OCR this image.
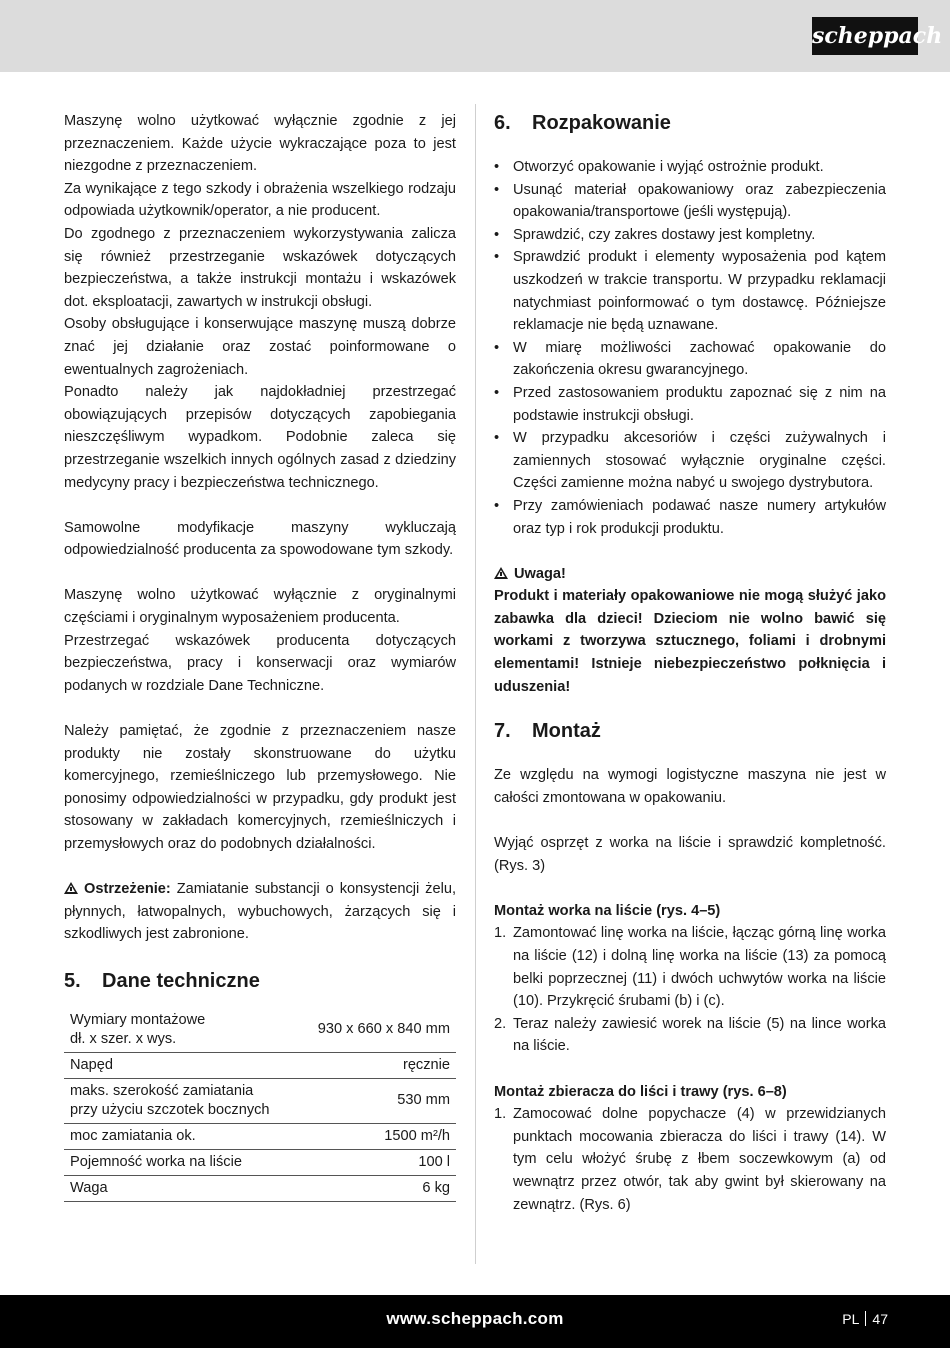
scheppach

Maszynę wolno użytkować wyłącznie zgodnie z jej przeznaczeniem. Każde użycie wykraczające poza to jest niezgodne z przeznaczeniem.

Za wynikające z tego szkody i obrażenia wszelkiego rodzaju odpowiada użytkownik/operator, a nie producent.

Do zgodnego z przeznaczeniem wykorzystywania zalicza się również przestrzeganie wskazówek dotyczących bezpieczeństwa, a także instrukcji montażu i wskazówek dot. eksploatacji, zawartych w instrukcji obsługi.

Osoby obsługujące i konserwujące maszynę muszą dobrze znać jej działanie oraz zostać poinformowane o ewentualnych zagrożeniach.

Ponadto należy jak najdokładniej przestrzegać obowiązujących przepisów dotyczących zapobiegania nieszczęśliwym wypadkom. Podobnie zaleca się przestrzeganie wszelkich innych ogólnych zasad z dziedziny medycyny pracy i bezpieczeństwa technicznego.

Samowolne modyfikacje maszyny wykluczają odpowiedzialność producenta za spowodowane tym szkody.

Maszynę wolno użytkować wyłącznie z oryginalnymi częściami i oryginalnym wyposażeniem producenta.

Przestrzegać wskazówek producenta dotyczących bezpieczeństwa, pracy i konserwacji oraz wymiarów podanych w rozdziale Dane Techniczne.

Należy pamiętać, że zgodnie z przeznaczeniem nasze produkty nie zostały skonstruowane do użytku komercyjnego, rzemieślniczego lub przemysłowego. Nie ponosimy odpowiedzialności w przypadku, gdy produkt jest stosowany w zakładach komercyjnych, rzemieślniczych i przemysłowych oraz do podobnych działalności.

Ostrzeżenie: Zamiatanie substancji o konsystencji żelu, płynnych, łatwopalnych, wybuchowych, żarzących się i szkodliwych jest zabronione.

5.	Dane techniczne
Wymiary montażowe
dł. x szer. x wys.	930 x 660 x 840 mm
Napęd	ręcznie
maks. szerokość zamiatania
przy użyciu szczotek bocznych	530 mm
moc zamiatania ok.	1500 m²/h
Pojemność worka na liście	100 l
Waga	6 kg
6.	Rozpakowanie
• Otworzyć opakowanie i wyjąć ostrożnie produkt.
• Usunąć materiał opakowaniowy oraz zabezpieczenia opakowania/transportowe (jeśli występują).
• Sprawdzić, czy zakres dostawy jest kompletny.
• Sprawdzić produkt i elementy wyposażenia pod kątem uszkodzeń w trakcie transportu. W przypadku reklamacji natychmiast poinformować o tym dostawcę. Późniejsze reklamacje nie będą uznawane.
• W miarę możliwości zachować opakowanie do zakończenia okresu gwarancyjnego.
• Przed zastosowaniem produktu zapoznać się z nim na podstawie instrukcji obsługi.
• W przypadku akcesoriów i części zużywalnych i zamiennych stosować wyłącznie oryginalne części. Części zamienne można nabyć u swojego dystrybutora.
• Przy zamówieniach podawać nasze numery artykułów oraz typ i rok produkcji produktu.

Uwaga!

Produkt i materiały opakowaniowe nie mogą służyć jako zabawka dla dzieci! Dzieciom nie wolno bawić się workami z tworzywa sztucznego, foliami i drobnymi elementami! Istnieje niebezpieczeństwo połknięcia i uduszenia!

7.	Montaż

Ze względu na wymogi logistyczne maszyna nie jest w całości zmontowana w opakowaniu.

Wyjąć osprzęt z worka na liście i sprawdzić kompletność. (Rys. 3)

Montaż worka na liście (rys. 4–5)

1. Zamontować linę worka na liście, łącząc górną linę worka na liście (12) i dolną linę worka na liście (13) za pomocą belki poprzecznej (11) i dwóch uchwytów worka na liście (10). Przykręcić śrubami (b) i (c).
2. Teraz należy zawiesić worek na liście (5) na lince worka na liście.

Montaż zbieracza do liści i trawy (rys. 6–8)

1. Zamocować dolne popychacze (4) w przewidzianych punktach mocowania zbieracza do liści i trawy (14). W tym celu włożyć śrubę z łbem soczewkowym (a) od wewnątrz przez otwór, tak aby gwint był skierowany na zewnątrz. (Rys. 6)
www.scheppach.com	PL 47
